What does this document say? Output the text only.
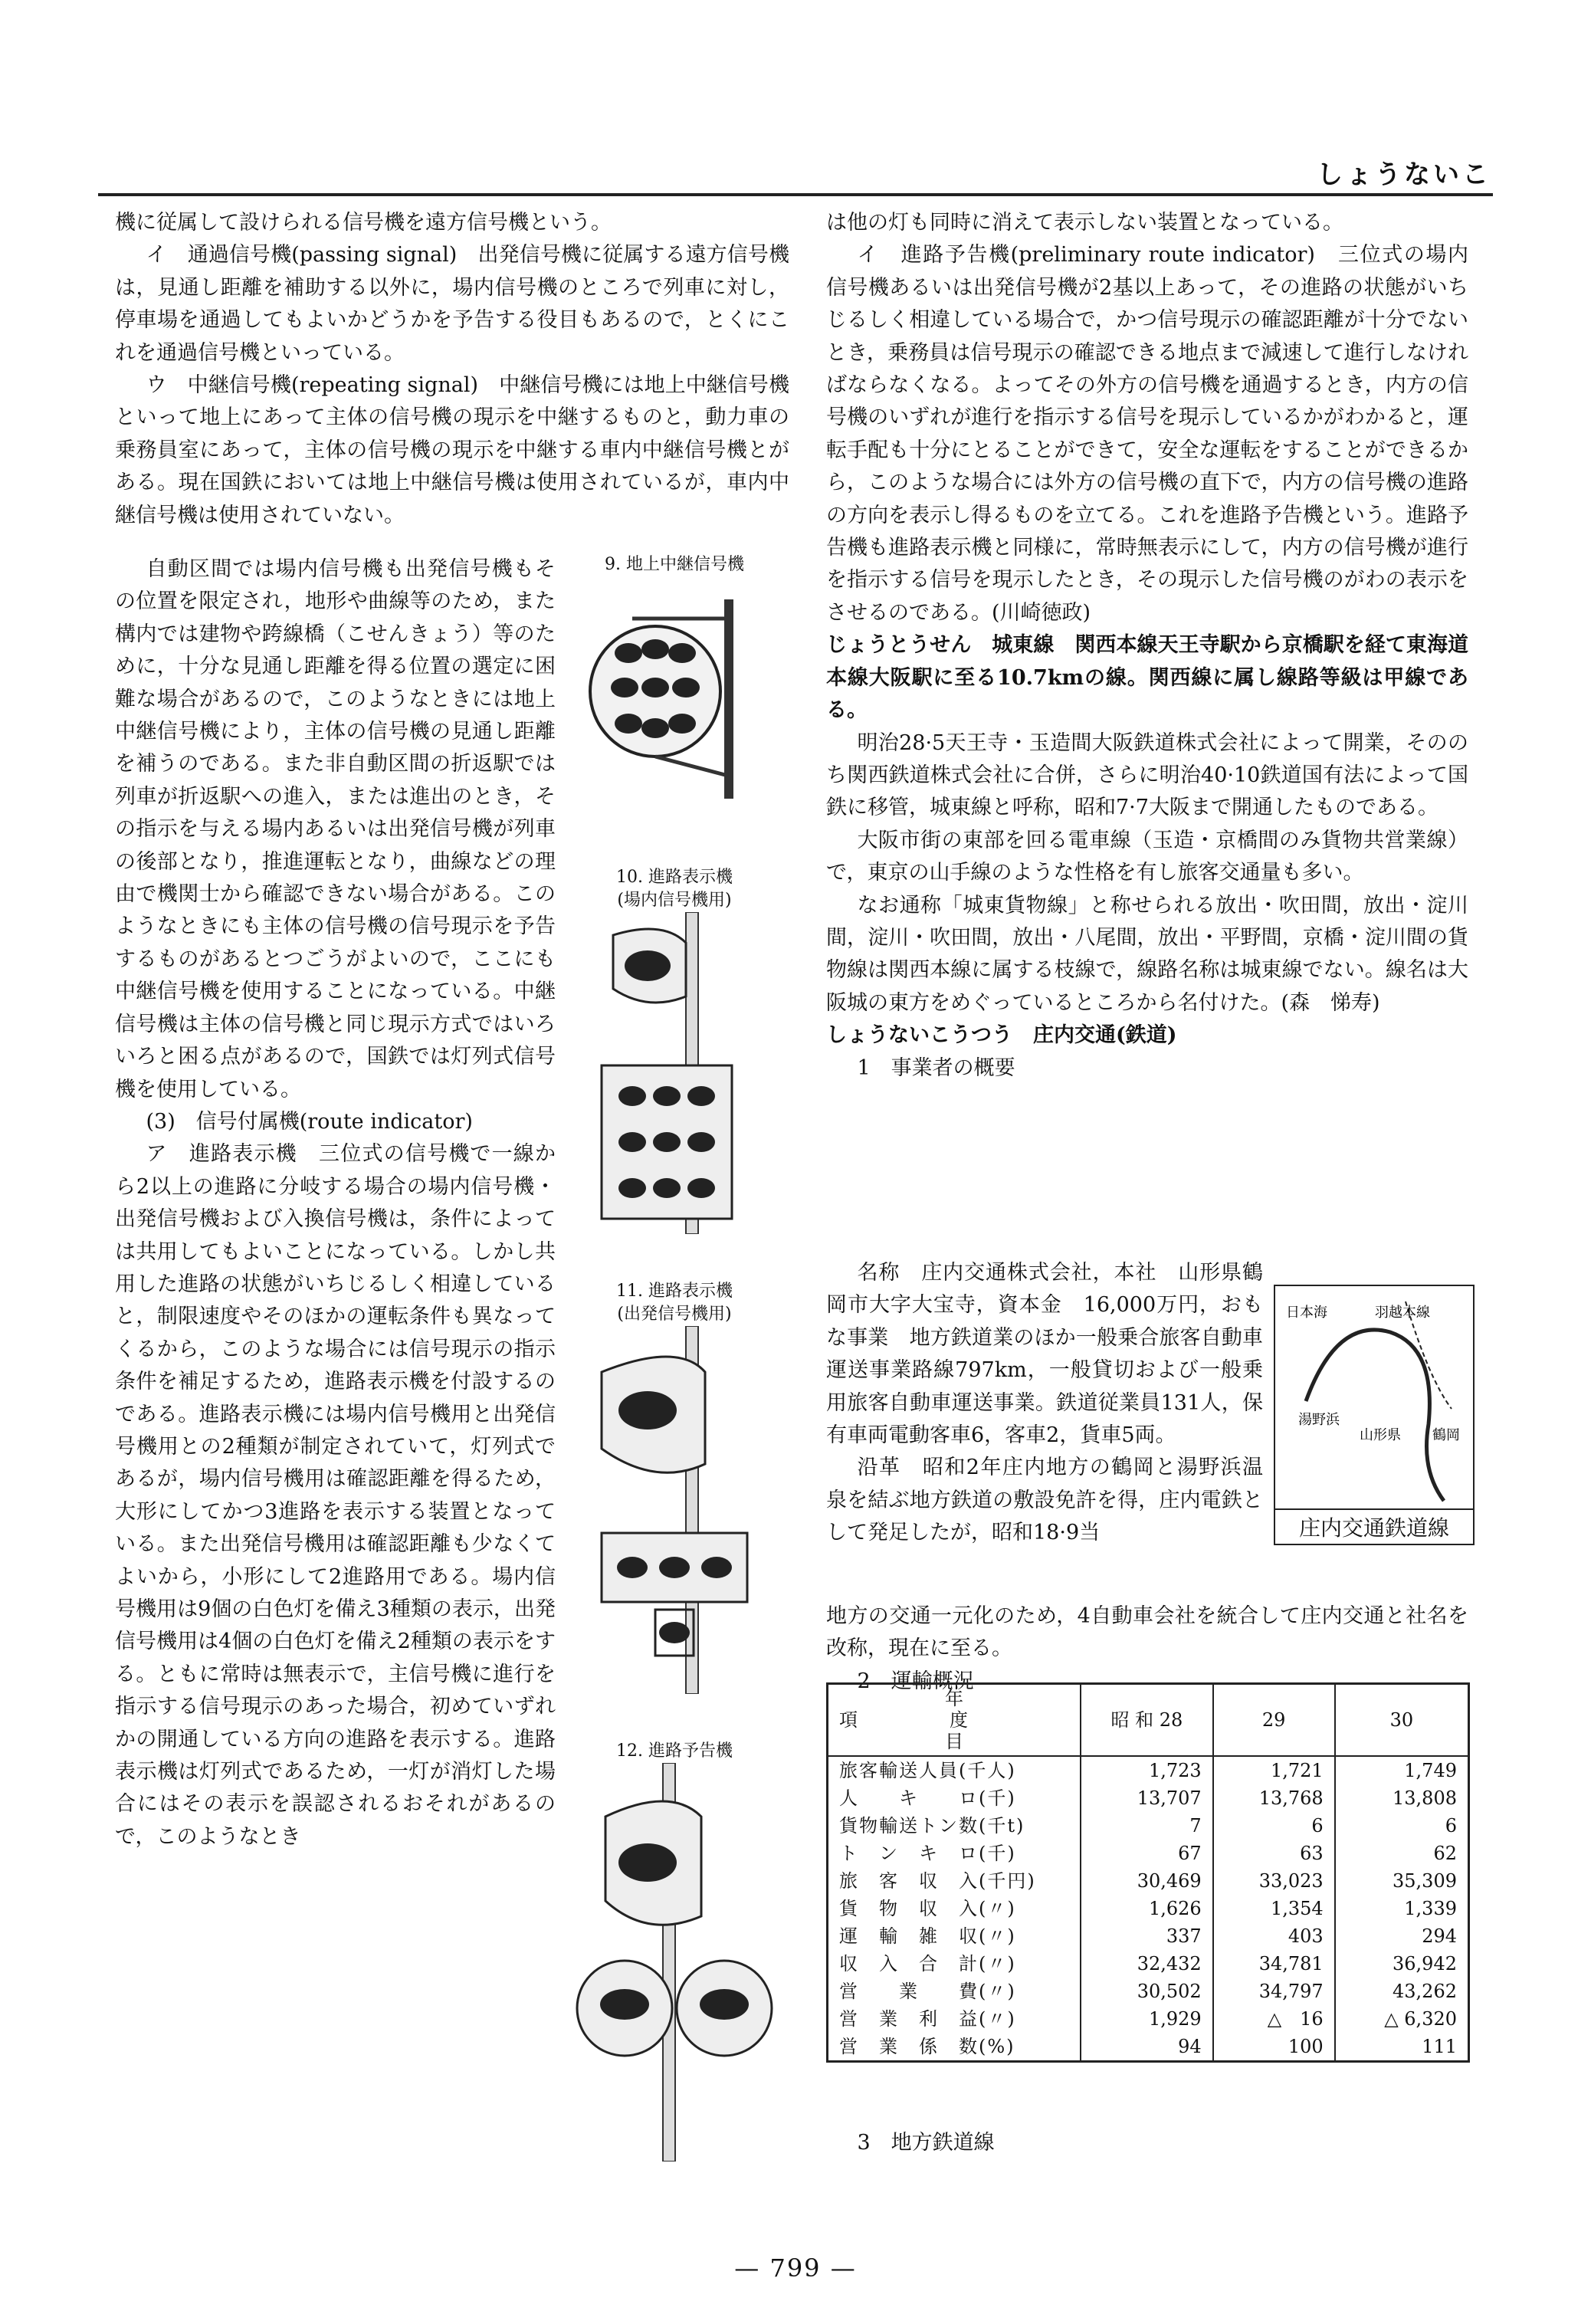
しょうないこ

機に従属して設けられる信号機を遠方信号機という。

イ　通過信号機(passing signal)　出発信号機に従属する遠方信号機は，見通し距離を補助する以外に，場内信号機のところで列車に対し，停車場を通過してもよいかどうかを予告する役目もあるので，とくにこれを通過信号機といっている。

ウ　中継信号機(repeating signal)　中継信号機には地上中継信号機といって地上にあって主体の信号機の現示を中継するものと，動力車の乗務員室にあって，主体の信号機の現示を中継する車内中継信号機とがある。現在国鉄においては地上中継信号機は使用されているが，車内中継信号機は使用されていない。

自動区間では場内信号機も出発信号機もその位置を限定され，地形や曲線等のため，また構内では建物や跨線橋（こせんきょう）等のために，十分な見通し距離を得る位置の選定に困難な場合があるので，このようなときには地上中継信号機により，主体の信号機の見通し距離を補うのである。また非自動区間の折返駅では列車が折返駅への進入，または進出のとき，その指示を与える場内あるいは出発信号機が列車の後部となり，推進運転となり，曲線などの理由で機関士から確認できない場合がある。このようなときにも主体の信号機の信号現示を予告するものがあるとつごうがよいので，ここにも中継信号機を使用することになっている。中継信号機は主体の信号機と同じ現示方式ではいろいろと困る点があるので，国鉄では灯列式信号機を使用している。

(3)　信号付属機(route indicator)

ア　進路表示機　三位式の信号機で一線から2以上の進路に分岐する場合の場内信号機・出発信号機および入換信号機は，条件によっては共用してもよいことになっている。しかし共用した進路の状態がいちじるしく相違していると，制限速度やそのほかの運転条件も異なってくるから，このような場合には信号現示の指示条件を補足するため，進路表示機を付設するのである。進路表示機には場内信号機用と出発信号機用との2種類が制定されていて，灯列式であるが，場内信号機用は確認距離を得るため，大形にしてかつ3進路を表示する装置となっている。また出発信号機用は確認距離も少なくてよいから，小形にして2進路用である。場内信号機用は9個の白色灯を備え3種類の表示，出発信号機用は4個の白色灯を備え2種類の表示をする。ともに常時は無表示で，主信号機に進行を指示する信号現示のあった場合，初めていずれかの開通している方向の進路を表示する。進路表示機は灯列式であるため，一灯が消灯した場合にはその表示を誤認されるおそれがあるので，このようなとき

9. 地上中継信号機
10. 進路表示機
(場内信号機用)
11. 進路表示機
(出発信号機用)
12. 進路予告機

は他の灯も同時に消えて表示しない装置となっている。

イ　進路予告機(preliminary route indicator)　三位式の場内信号機あるいは出発信号機が2基以上あって，その進路の状態がいちじるしく相違している場合で，かつ信号現示の確認距離が十分でないとき，乗務員は信号現示の確認できる地点まで減速して進行しなければならなくなる。よってその外方の信号機を通過するとき，内方の信号機のいずれが進行を指示する信号を現示しているかがわかると，運転手配も十分にとることができて，安全な運転をすることができるから，このような場合には外方の信号機の直下で，内方の信号機の進路の方向を表示し得るものを立てる。これを進路予告機という。進路予告機も進路表示機と同様に，常時無表示にして，内方の信号機が進行を指示する信号を現示したとき，その現示した信号機のがわの表示をさせるのである。(川崎徳政)

じょうとうせん　城東線　関西本線天王寺駅から京橋駅を経て東海道本線大阪駅に至る10.7kmの線。関西線に属し線路等級は甲線である。

明治28·5天王寺・玉造間大阪鉄道株式会社によって開業，そののち関西鉄道株式会社に合併，さらに明治40·10鉄道国有法によって国鉄に移管，城東線と呼称，昭和7·7大阪まで開通したものである。

大阪市街の東部を回る電車線（玉造・京橋間のみ貨物共営業線）で，東京の山手線のような性格を有し旅客交通量も多い。

なお通称「城東貨物線」と称せられる放出・吹田間，放出・淀川間，淀川・吹田間，放出・八尾間，放出・平野間，京橋・淀川間の貨物線は関西本線に属する枝線で，線路名称は城東線でない。線名は大阪城の東方をめぐっているところから名付けた。(森　悌寿)

しょうないこうつう　庄内交通(鉄道)

1　事業者の概要

名称　庄内交通株式会社，本社　山形県鶴岡市大字大宝寺，資本金　16,000万円，おもな事業　地方鉄道業のほか一般乗合旅客自動車運送事業路線797km，一般貸切および一般乗用旅客自動車運送事業。鉄道従業員131人，保有車両電動客車6，客車2，貨車5両。

沿革　昭和2年庄内地方の鶴岡と湯野浜温泉を結ぶ地方鉄道の敷設免許を得，庄内電鉄として発足したが，昭和18·9当

地方の交通一元化のため，4自動車会社を統合して庄内交通と社名を改称，現在に至る。

2　運輸概況

日本海
湯野浜
鶴岡
山形県
羽越本線
庄内交通鉄道線
年
項　　　　　度
目	昭 和 28	29	30
旅客輸送人員(千人)	1,723	1,721	1,749
人　　キ　　ロ(千)	13,707	13,768	13,808
貨物輸送トン数(千t)	7	6	6
ト　ン　キ　ロ(千)	67	63	62
旅　客　収　入(千円)	30,469	33,023	35,309
貨　物　収　入(〃)	1,626	1,354	1,339
運　輸　雑　収(〃)	337	403	294
収　入　合　計(〃)	32,432	34,781	36,942
営　　業　　費(〃)	30,502	34,797	43,262
営　業　利　益(〃)	1,929	△　16	△ 6,320
営　業　係　数(%)	94	100	111

3　地方鉄道線

— 799 —
